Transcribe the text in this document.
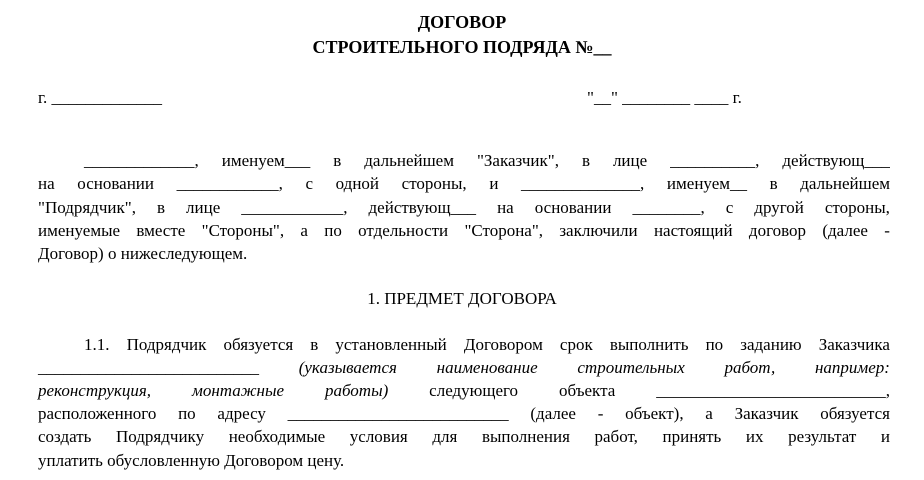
ДОГОВОР
СТРОИТЕЛЬНОГО ПОДРЯДА №__
г. _____________	"__" ________ ____ г.
_____________, именуем___ в дальнейшем "Заказчик", в лице __________, действующ___
на основании ____________, с одной стороны, и ______________, именуем__ в дальнейшем
"Подрядчик", в лице ____________, действующ___ на основании ________, с другой стороны,
именуемые вместе "Стороны", а по отдельности "Сторона", заключили настоящий договор (далее -
Договор) о нижеследующем.
1. ПРЕДМЕТ ДОГОВОРА
1.1. Подрядчик обязуется в установленный Договором срок выполнить по заданию Заказчика
__________________________ (указывается наименование строительных работ, например:
реконструкция, монтажные работы) следующего объекта ___________________________,
расположенного по адресу __________________________ (далее - объект), а Заказчик обязуется
создать Подрядчику необходимые условия для выполнения работ, принять их результат и
уплатить обусловленную Договором цену.
